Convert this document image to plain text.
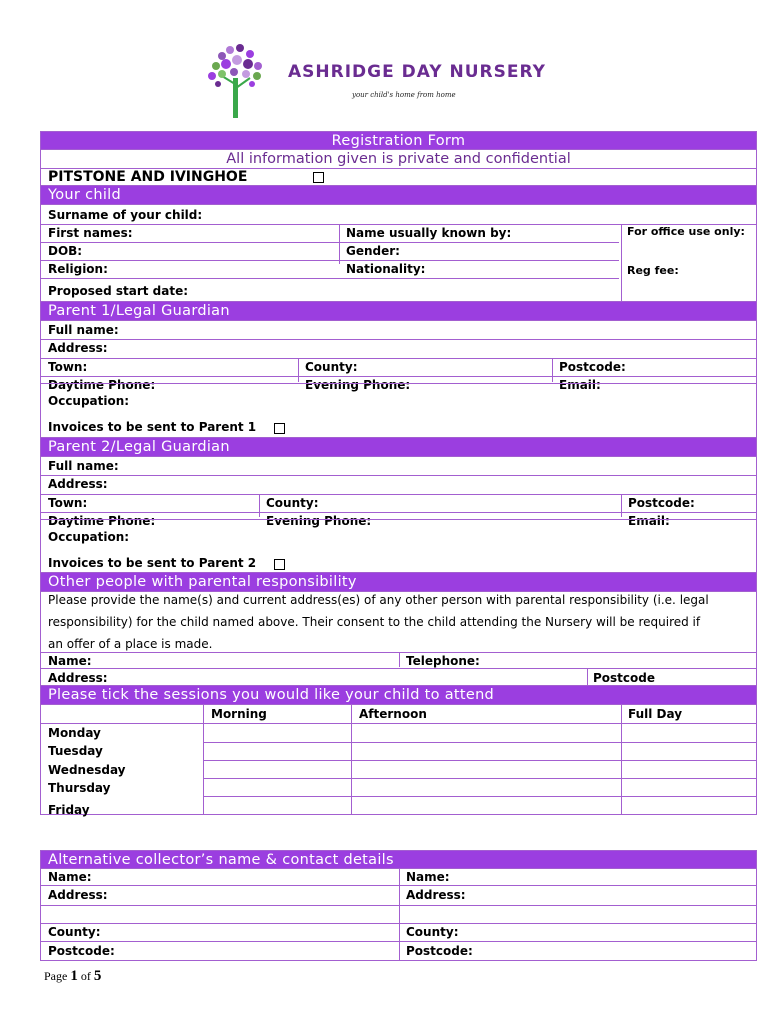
ASHRIDGE DAY NURSERY
your child's home from home
Registration Form
All information given is private and confidential
PITSTONE AND IVINGHOE
Your child
Surname of your child:
First names:	Name usually known by:	For office use only:
DOB:	Gender:
Religion:	Nationality:	Reg fee:
Proposed start date:
Parent 1/Legal Guardian
Full name:
Address:
Town:	County:	Postcode:
Daytime Phone:	Evening Phone:	Email:
Occupation:
Invoices to be sent to Parent 1
Parent 2/Legal Guardian
Full name:
Address:
Town:	County:	Postcode:
Daytime Phone:	Evening Phone:	Email:
Occupation:
Invoices to be sent to Parent 2
Other people with parental responsibility
Please provide the name(s) and current address(es) of any other person with parental responsibility (i.e. legal
responsibility) for the child named above. Their consent to the child attending the Nursery will be required if
an offer of a place is made.
Name:	Telephone:
Address:	Postcode
Please tick the sessions you would like your child to attend
Morning	Afternoon	Full Day
Monday
Tuesday
Wednesday
Thursday
Friday
Alternative collector’s name & contact details
Name:	Name:
Address:	Address:
County:	County:
Postcode:	Postcode:
Page 1 of 5
